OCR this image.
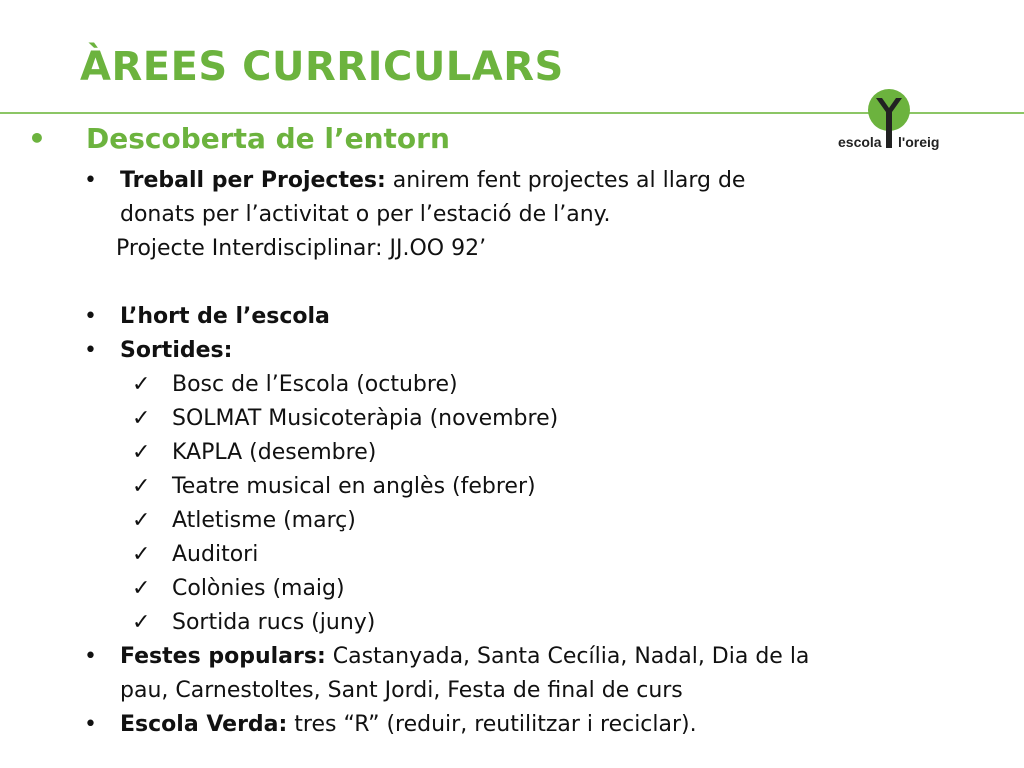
ÀREES CURRICULARS
escola l'oreig
• Descoberta de l’entorn
• Treball per Projectes: anirem fent projectes al llarg de
donats per l’activitat o per l’estació de l’any.
Projecte Interdisciplinar: JJ.OO 92’
• L’hort de l’escola
• Sortides:
✓ Bosc de l’Escola (octubre)
✓ SOLMAT Musicoteràpia (novembre)
✓ KAPLA (desembre)
✓ Teatre musical en anglès (febrer)
✓ Atletisme (març)
✓ Auditori
✓ Colònies (maig)
✓ Sortida rucs (juny)
• Festes populars: Castanyada, Santa Cecília, Nadal, Dia de la
pau, Carnestoltes, Sant Jordi, Festa de final de curs
• Escola Verda: tres “R” (reduir, reutilitzar i reciclar).
